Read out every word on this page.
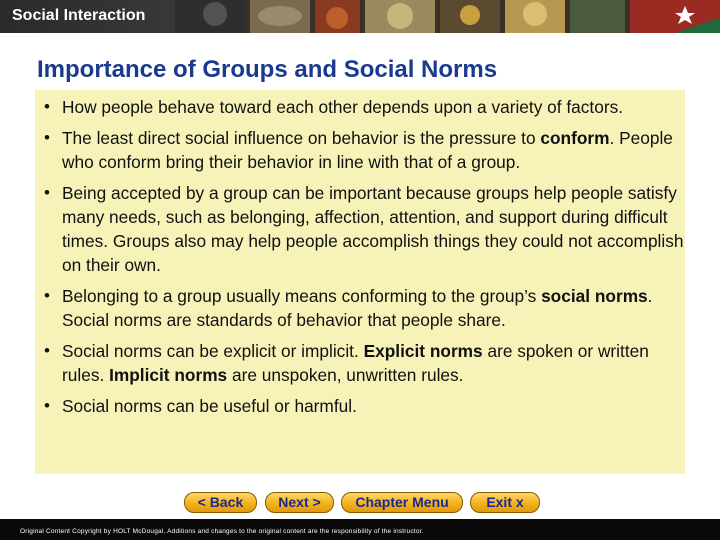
Social Interaction
Importance of Groups and Social Norms
• How people behave toward each other depends upon a variety of factors.
• The least direct social influence on behavior is the pressure to conform. People who conform bring their behavior in line with that of a group.
• Being accepted by a group can be important because groups help people satisfy many needs, such as belonging, affection, attention, and support during difficult times. Groups also may help people accomplish things they could not accomplish on their own.
• Belonging to a group usually means conforming to the group’s social norms. Social norms are standards of behavior that people share.
• Social norms can be explicit or implicit. Explicit norms are spoken or written rules. Implicit norms are unspoken, unwritten rules.
• Social norms can be useful or harmful.
< Back	Next >	Chapter Menu	Exit x
Original Content Copyright by HOLT McDougal. Additions and changes to the original content are the responsibility of the instructor.
